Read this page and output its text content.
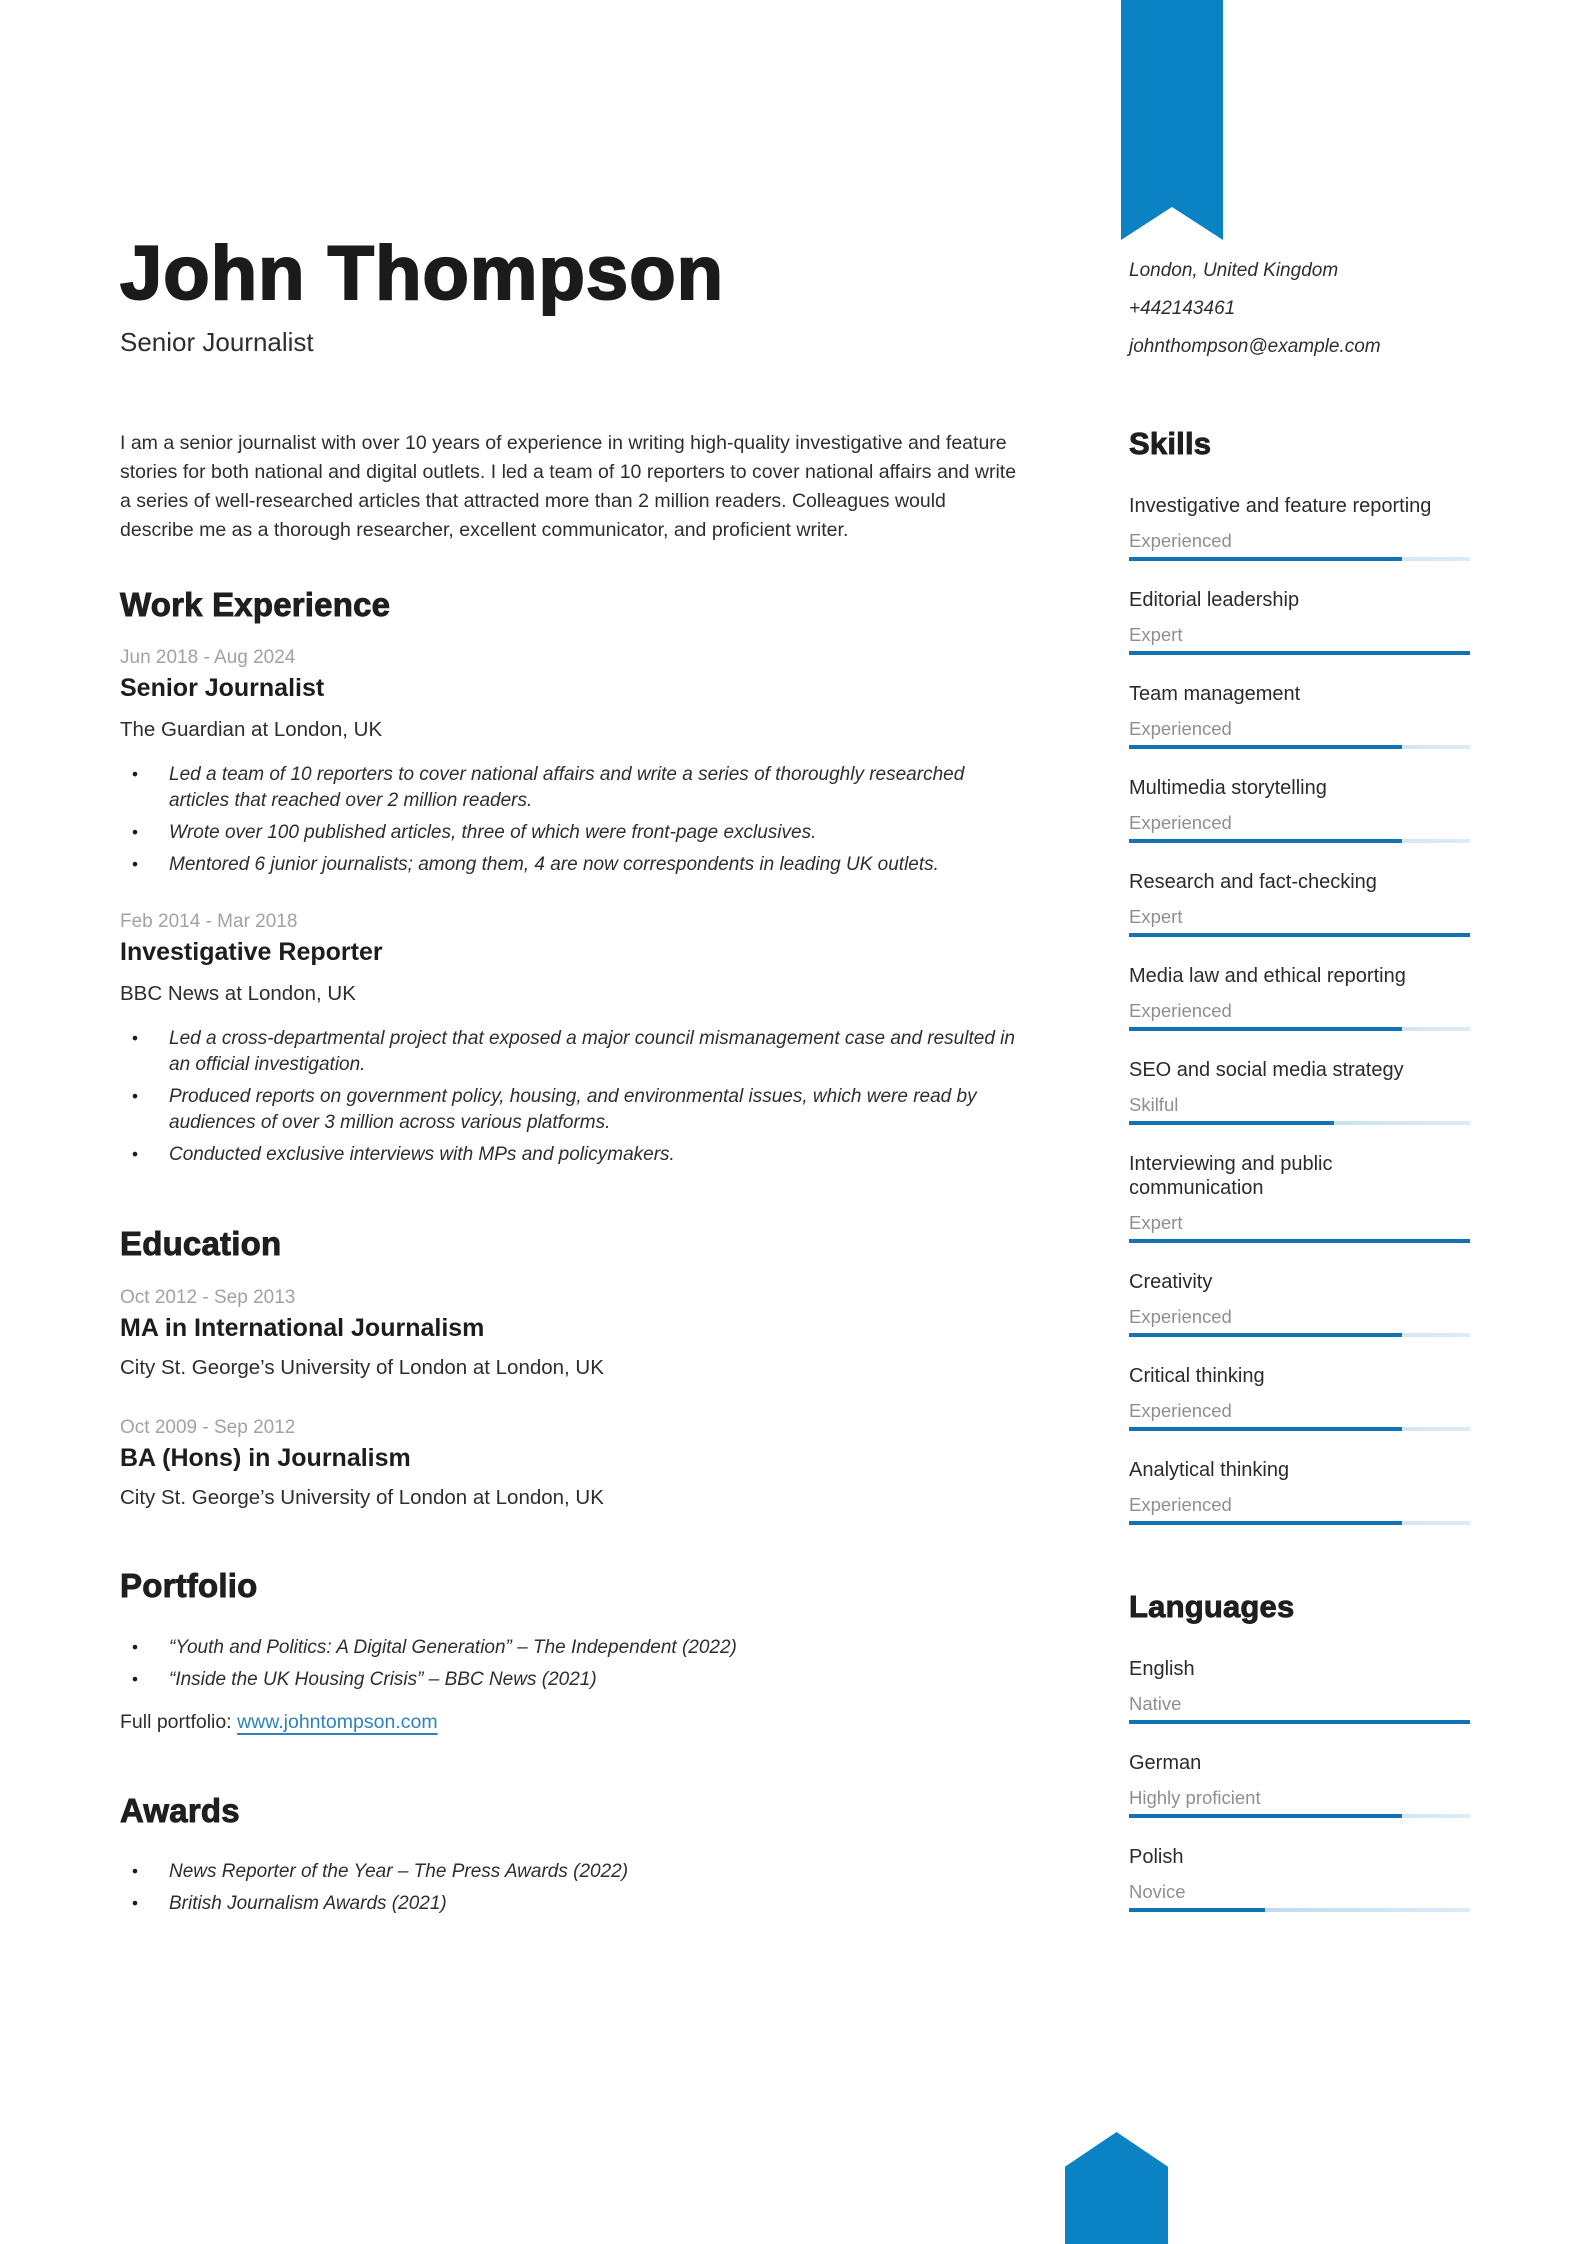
John Thompson
Senior Journalist

I am a senior journalist with over 10 years of experience in writing high-quality investigative and feature stories for both national and digital outlets. I led a team of 10 reporters to cover national affairs and write a series of well-researched articles that attracted more than 2 million readers. Colleagues would describe me as a thorough researcher, excellent communicator, and proficient writer.

Work Experience
Jun 2018 - Aug 2024
Senior Journalist
The Guardian at London, UK
• Led a team of 10 reporters to cover national affairs and write a series of thoroughly researched articles that reached over 2 million readers.
• Wrote over 100 published articles, three of which were front-page exclusives.
• Mentored 6 junior journalists; among them, 4 are now correspondents in leading UK outlets.
Feb 2014 - Mar 2018
Investigative Reporter
BBC News at London, UK
• Led a cross-departmental project that exposed a major council mismanagement case and resulted in an official investigation.
• Produced reports on government policy, housing, and environmental issues, which were read by audiences of over 3 million across various platforms.
• Conducted exclusive interviews with MPs and policymakers.
Education
Oct 2012 - Sep 2013
MA in International Journalism
City St. George’s University of London at London, UK
Oct 2009 - Sep 2012
BA (Hons) in Journalism
City St. George’s University of London at London, UK
Portfolio
• “Youth and Politics: A Digital Generation” – The Independent (2022)
• “Inside the UK Housing Crisis” – BBC News (2021)

Full portfolio: www.johntompson.com

Awards
• News Reporter of the Year – The Press Awards (2022)
• British Journalism Awards (2021)
London, United Kingdom
+442143461
johnthompson@example.com
Skills
Investigative and feature reporting
Experienced
Editorial leadership
Expert
Team management
Experienced
Multimedia storytelling
Experienced
Research and fact-checking
Expert
Media law and ethical reporting
Experienced
SEO and social media strategy
Skilful
Interviewing and public communication
Expert
Creativity
Experienced
Critical thinking
Experienced
Analytical thinking
Experienced
Languages
English
Native
German
Highly proficient
Polish
Novice
